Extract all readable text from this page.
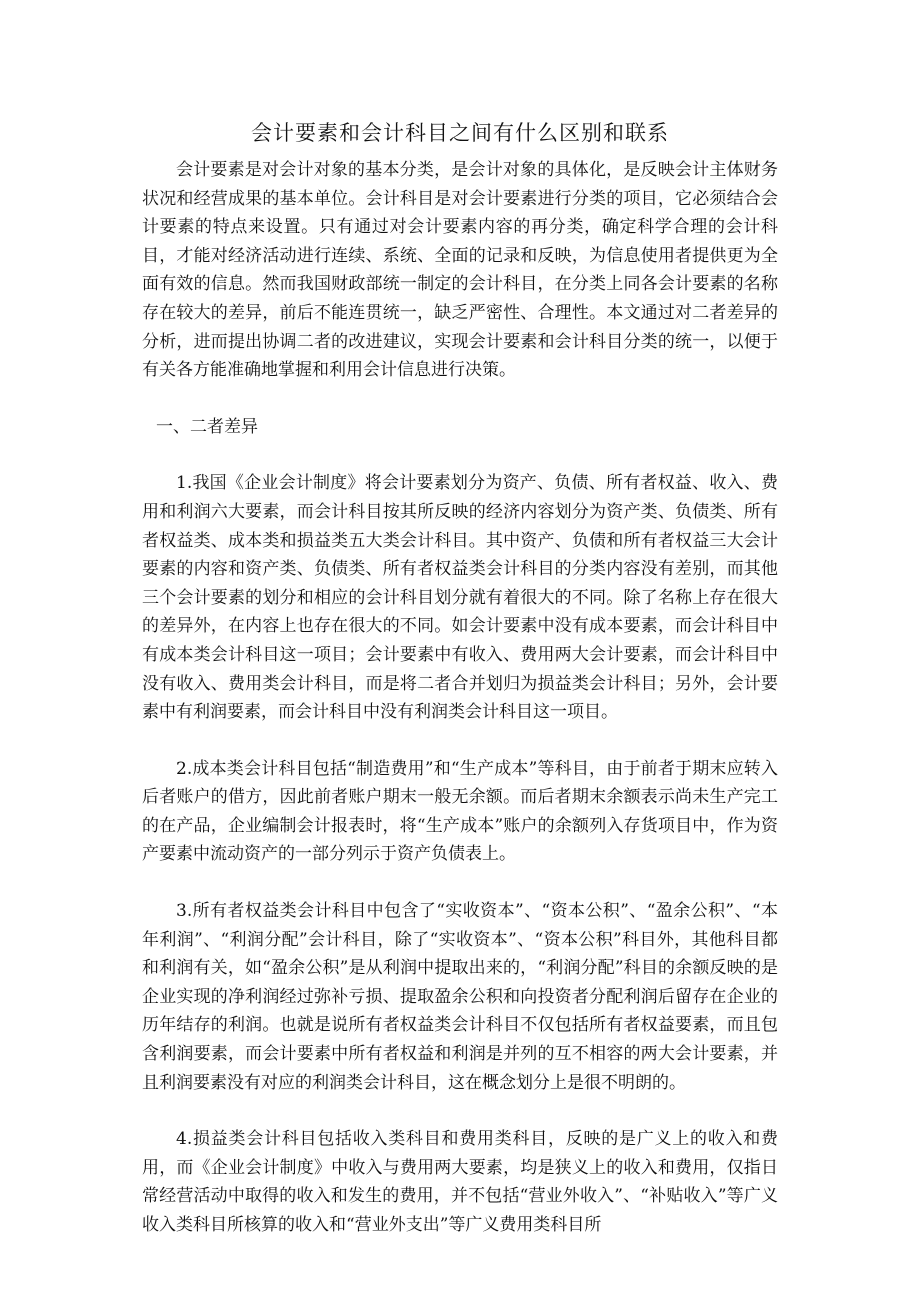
会计要素和会计科目之间有什么区别和联系

会计要素是对会计对象的基本分类，是会计对象的具体化，是反映会计主体财务状况和经营成果的基本单位。会计科目是对会计要素进行分类的项目，它必须结合会计要素的特点来设置。只有通过对会计要素内容的再分类，确定科学合理的会计科目，才能对经济活动进行连续、系统、全面的记录和反映，为信息使用者提供更为全面有效的信息。然而我国财政部统一制定的会计科目，在分类上同各会计要素的名称存在较大的差异，前后不能连贯统一，缺乏严密性、合理性。本文通过对二者差异的分析，进而提出协调二者的改进建议，实现会计要素和会计科目分类的统一，以便于有关各方能准确地掌握和利用会计信息进行决策。

一、二者差异

1.我国《企业会计制度》将会计要素划分为资产、负债、所有者权益、收入、费用和利润六大要素，而会计科目按其所反映的经济内容划分为资产类、负债类、所有者权益类、成本类和损益类五大类会计科目。其中资产、负债和所有者权益三大会计要素的内容和资产类、负债类、所有者权益类会计科目的分类内容没有差别，而其他三个会计要素的划分和相应的会计科目划分就有着很大的不同。除了名称上存在很大的差异外，在内容上也存在很大的不同。如会计要素中没有成本要素，而会计科目中有成本类会计科目这一项目；会计要素中有收入、费用两大会计要素，而会计科目中没有收入、费用类会计科目，而是将二者合并划归为损益类会计科目；另外，会计要素中有利润要素，而会计科目中没有利润类会计科目这一项目。

2.成本类会计科目包括“制造费用”和“生产成本”等科目，由于前者于期末应转入后者账户的借方，因此前者账户期末一般无余额。而后者期末余额表示尚未生产完工的在产品，企业编制会计报表时，将“生产成本”账户的余额列入存货项目中，作为资产要素中流动资产的一部分列示于资产负债表上。

3.所有者权益类会计科目中包含了“实收资本”、“资本公积”、“盈余公积”、“本年利润”、“利润分配”会计科目，除了“实收资本”、“资本公积”科目外，其他科目都和利润有关，如“盈余公积”是从利润中提取出来的，“利润分配”科目的余额反映的是企业实现的净利润经过弥补亏损、提取盈余公积和向投资者分配利润后留存在企业的历年结存的利润。也就是说所有者权益类会计科目不仅包括所有者权益要素，而且包含利润要素，而会计要素中所有者权益和利润是并列的互不相容的两大会计要素，并且利润要素没有对应的利润类会计科目，这在概念划分上是很不明朗的。

4.损益类会计科目包括收入类科目和费用类科目，反映的是广义上的收入和费用，而《企业会计制度》中收入与费用两大要素，均是狭义上的收入和费用，仅指日常经营活动中取得的收入和发生的费用，并不包括“营业外收入”、“补贴收入”等广义收入类科目所核算的收入和“营业外支出”等广义费用类科目所
